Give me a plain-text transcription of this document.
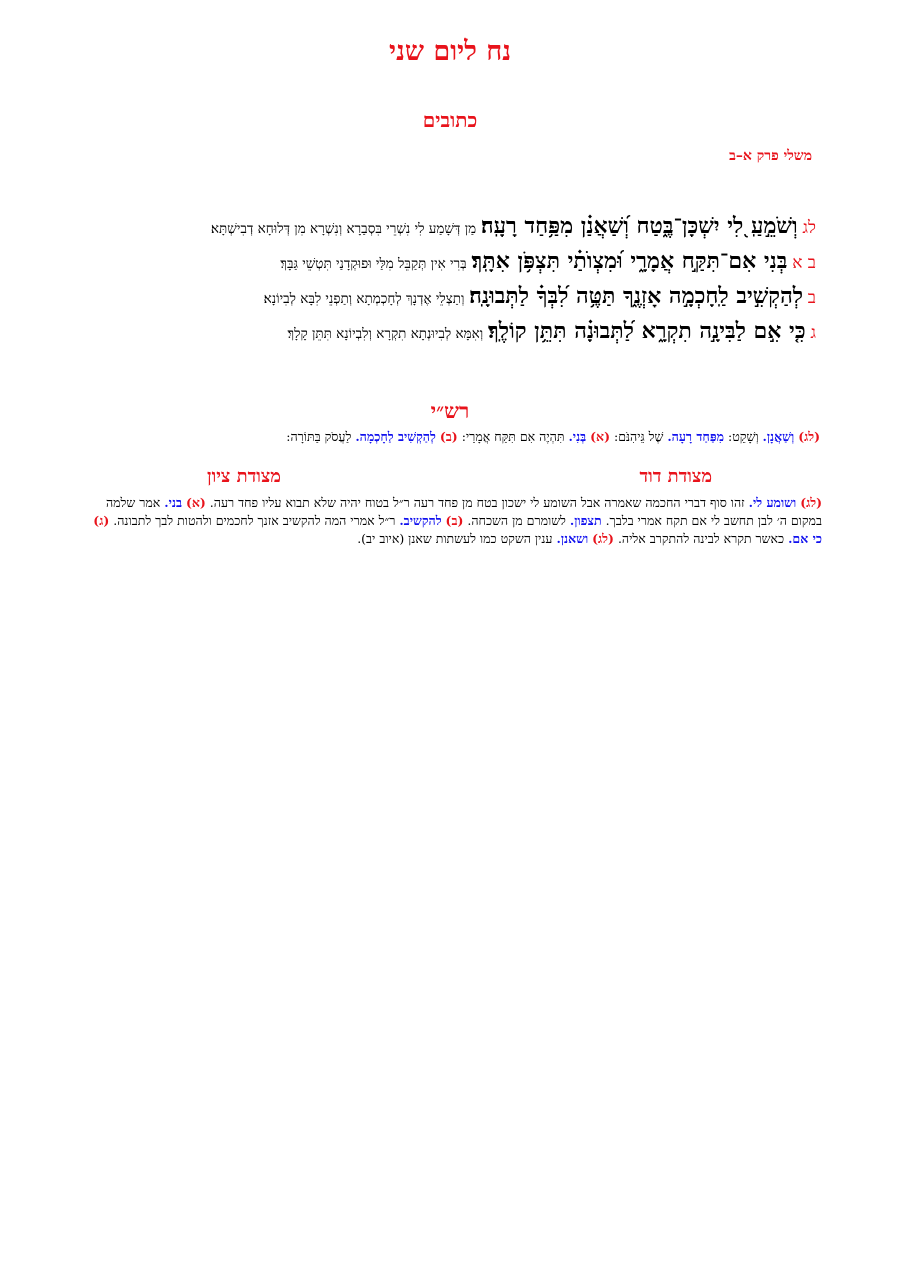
נח ליום שני
כתובים
משלי פרק א–ב
לג וְשֹׁמֵ֣עַֽ לִ֭י יִשְׁכָּן־בֶּ֑טַח וְ֝שַׁאֲנַ֗ן מִפַּ֥חַד רָעָֽה׃ מַן דְּשָׁמַע לִי נִשְׁרֵי בִּסְבַרָא וְנִשְׁרָא מִן דְּלוּחָא דְבִישְׁתָּא׃
ב א בְּנִי אִם־תִּקַּ֣ח אֲמָרָ֑י וּ֝מִצְוֺתַ֗י תִּצְפֹּ֥ן אִתָּֽךְ׃ בְּרִי אִין תְּקַבֵּל מִלַּי וּפוּקְדָנַי תִּטְשֵׁי גַּבָּךְ׃
ב לְהַקְשִׁ֣יב לַֽחָכְמָ֣ה אָזְנֶ֑ךָ תַּטֶּ֥ה לִ֝בְּךָ֗ לַתְּבוּנָֽה׃ וְתַצְלֵי אֶדְנָךְ לְחָכְמְתָא וְתַפְנֵי לִבָּא לְבִיוֹנָא׃
ג כִּ֤י אִ֣ם לַבִּינָ֣ה תִקְרָ֑א לַ֝תְּבוּנָ֗ה תִּתֵּ֥ן קוֹלֶֽךָ׃ וְאִמָּא לְבִיוּנְתָא תִקְרָא וְלִבְיוֹנָא תִּתֵּן קָלָךְ׃
רש״י
(לג) וְשַׁאֲנָן. וְשָׁקֵט: מִפַּחַד רָעָה. שֶׁל גֵּיהִנֹּם: (א) בְּנִי. תִּהְיֶה אִם תִּקַּח אֲמָרַי: (ב) לְהַקְשִׁיב לַחָכְמָה. לַעֲסֹק בַּתּוֹרָה:
מצודת דוד
מצודת ציון
(לג) ושומע לי. זהו סוף דברי החכמה שאמרה אבל השומע לי ישכון בטח מן פחד רעה ר״ל בטוח יהיה שלא תבוא עליו פחד רעה. (א) בני. אמר שלמה במקום ה׳ לבן תחשב לי אם תקח אמרי בלבך. תצפון. לשומרם מן השכחה. (ב) להקשיב. ר״ל אמרי המה להקשיב אזנך לחכמים ולהטות לבך לתבונה. (ג) כי אם. כאשר תקרא לבינה להתקרב אליה. (לג) ושאנן. ענין השקט כמו לעשתות שאנן (איוב יב).
